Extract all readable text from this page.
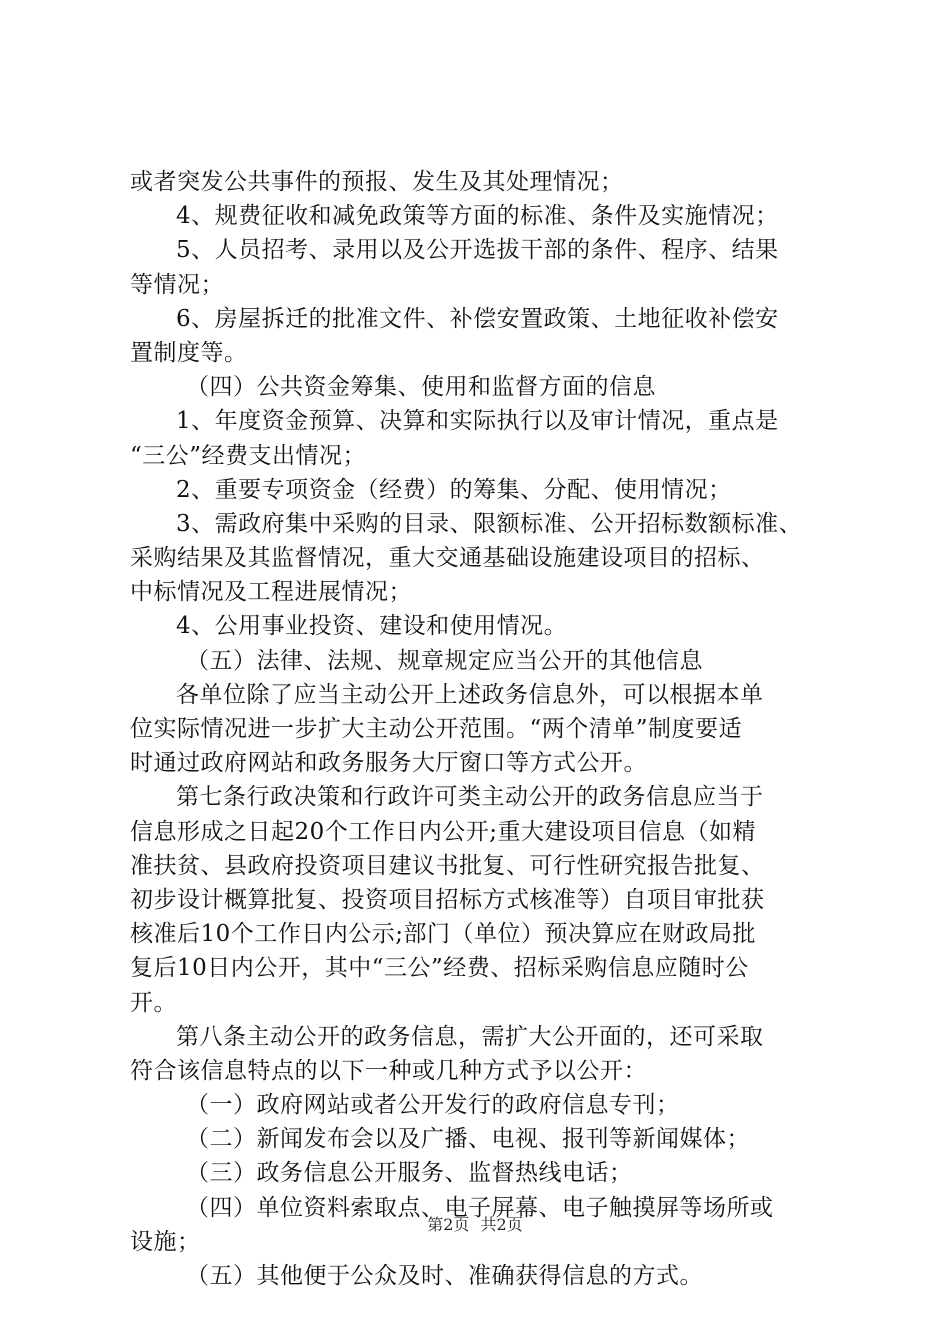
或者突发公共事件的预报、发生及其处理情况；
4、规费征收和减免政策等方面的标准、条件及实施情况；
5、人员招考、录用以及公开选拔干部的条件、程序、结果
等情况；
6、房屋拆迁的批准文件、补偿安置政策、土地征收补偿安
置制度等。
（四）公共资金筹集、使用和监督方面的信息
1、年度资金预算、决算和实际执行以及审计情况，重点是
“三公”经费支出情况；
2、重要专项资金（经费）的筹集、分配、使用情况；
3、需政府集中采购的目录、限额标准、公开招标数额标准、
采购结果及其监督情况，重大交通基础设施建设项目的招标、
中标情况及工程进展情况；
4、公用事业投资、建设和使用情况。
（五）法律、法规、规章规定应当公开的其他信息
各单位除了应当主动公开上述政务信息外，可以根据本单
位实际情况进一步扩大主动公开范围。“两个清单”制度要适
时通过政府网站和政务服务大厅窗口等方式公开。
第七条行政决策和行政许可类主动公开的政务信息应当于
信息形成之日起20个工作日内公开;重大建设项目信息（如精
准扶贫、县政府投资项目建议书批复、可行性研究报告批复、
初步设计概算批复、投资项目招标方式核准等）自项目审批获
核准后10个工作日内公示;部门（单位）预决算应在财政局批
复后10日内公开，其中“三公”经费、招标采购信息应随时公
开。
第八条主动公开的政务信息，需扩大公开面的，还可采取
符合该信息特点的以下一种或几种方式予以公开：
（一）政府网站或者公开发行的政府信息专刊；
（二）新闻发布会以及广播、电视、报刊等新闻媒体；
（三）政务信息公开服务、监督热线电话；
（四）单位资料索取点、电子屏幕、电子触摸屏等场所或
设施；
（五）其他便于公众及时、准确获得信息的方式。
第2页 共2页
